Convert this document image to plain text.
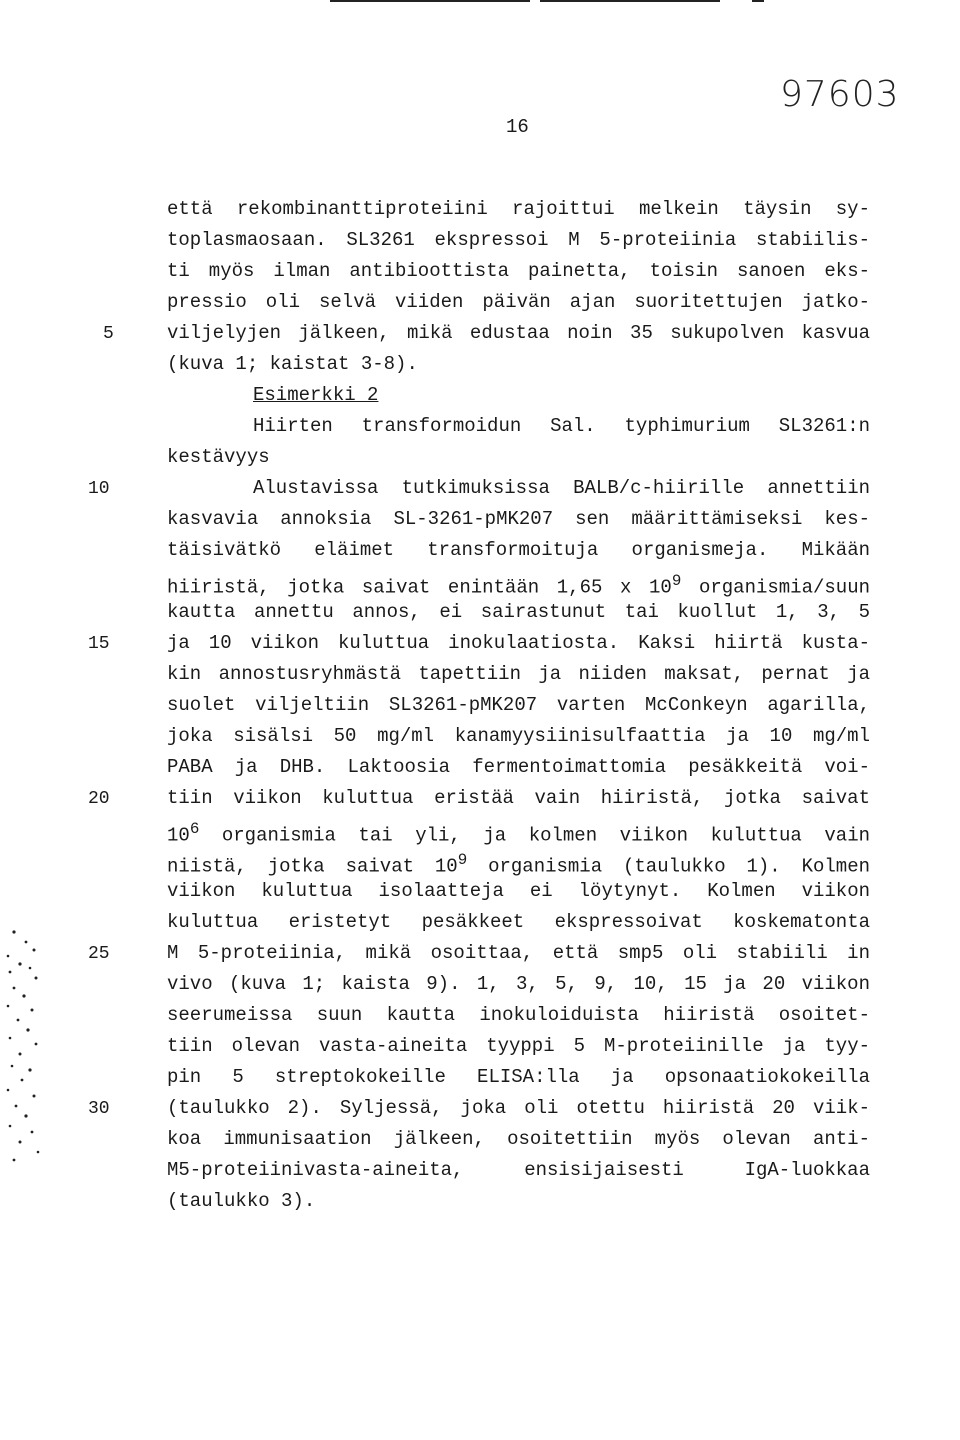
97603
16
että rekombinanttiproteiini rajoittui melkein täysin sy-
toplasmaosaan. SL3261 ekspressoi M 5-proteiinia stabiilis-
ti myös ilman antibioottista painetta, toisin sanoen eks-
pressio oli selvä viiden päivän ajan suoritettujen jatko-
viljelyjen jälkeen, mikä edustaa noin 35 sukupolven kasvua
(kuva 1; kaistat 3-8).
Esimerkki 2
Hiirten transformoidun Sal. typhimurium SL3261:n
kestävyys
Alustavissa tutkimuksissa BALB/c-hiirille annettiin
kasvavia annoksia SL-3261-pMK207 sen määrittämiseksi kes-
täisivätkö eläimet transformoituja organismeja. Mikään
hiiristä, jotka saivat enintään 1,65 x $10^9$ organismia/suun
kautta annettu annos, ei sairastunut tai kuollut 1, 3, 5
ja 10 viikon kuluttua inokulaatiosta. Kaksi hiirtä kusta-
kin annostusryhmästä tapettiin ja niiden maksat, pernat ja
suolet viljeltiin SL3261-pMK207 varten McConkeyn agarilla,
joka sisälsi 50 mg/ml kanamyysiinisulfaattia ja 10 mg/ml
PABA ja DHB. Laktoosia fermentoimattomia pesäkkeitä voi-
tiin viikon kuluttua eristää vain hiiristä, jotka saivat
$10^6$ organismia tai yli, ja kolmen viikon kuluttua vain
niistä, jotka saivat $10^9$ organismia (taulukko 1). Kolmen
viikon kuluttua isolaatteja ei löytynyt. Kolmen viikon
kuluttua eristetyt pesäkkeet ekspressoivat koskematonta
M 5-proteiinia, mikä osoittaa, että smp5 oli stabiili in
vivo (kuva 1; kaista 9). 1, 3, 5, 9, 10, 15 ja 20 viikon
seerumeissa suun kautta inokuloiduista hiiristä osoitet-
tiin olevan vasta-aineita tyyppi 5 M-proteiinille ja tyy-
pin 5 streptokokeille ELISA:lla ja opsonaatiokokeilla
(taulukko 2). Syljessä, joka oli otettu hiiristä 20 viik-
koa immunisaation jälkeen, osoitettiin myös olevan anti-
M5-proteiinivasta-aineita, ensisijaisesti IgA-luokkaa
(taulukko 3).
5
10
15
20
25
30
